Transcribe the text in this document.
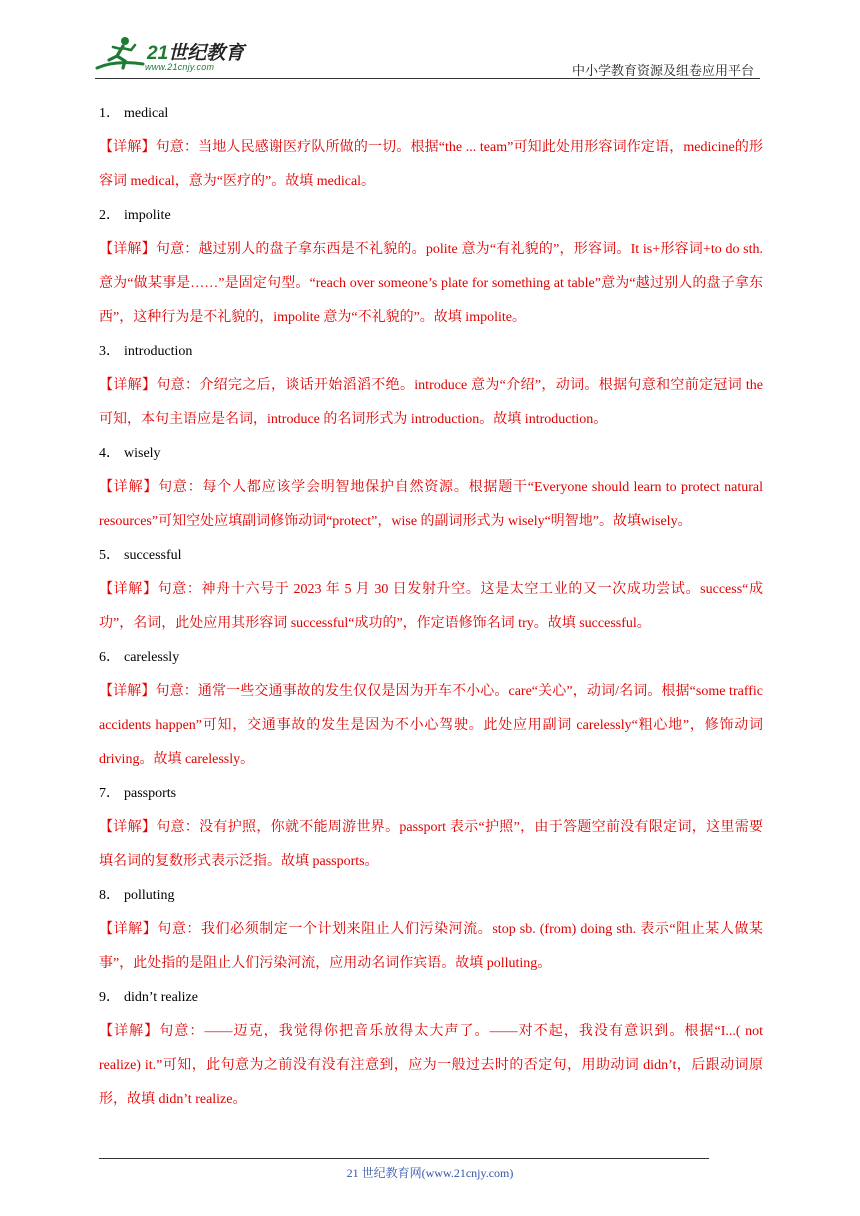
21世纪教育
www.21cnjy.com	中小学教育资源及组卷应用平台
1． medical
【详解】句意：当地人民感谢医疗队所做的一切。根据“the ... team”可知此处用形容词作定语，medicine的形容词 medical，意为“医疗的”。故填 medical。
2． impolite
【详解】句意：越过别人的盘子拿东西是不礼貌的。polite 意为“有礼貌的”，形容词。It is+形容词+to do sth.意为“做某事是……”是固定句型。“reach over someone’s plate for something at table”意为“越过别人的盘子拿东西”，这种行为是不礼貌的，impolite 意为“不礼貌的”。故填 impolite。
3． introduction
【详解】句意：介绍完之后，谈话开始滔滔不绝。introduce 意为“介绍”，动词。根据句意和空前定冠词 the 可知，本句主语应是名词，introduce 的名词形式为 introduction。故填 introduction。
4． wisely
【详解】句意：每个人都应该学会明智地保护自然资源。根据题干“Everyone should learn to protect natural resources”可知空处应填副词修饰动词“protect”，wise 的副词形式为 wisely“明智地”。故填wisely。
5． successful
【详解】句意：神舟十六号于 2023 年 5 月 30 日发射升空。这是太空工业的又一次成功尝试。success“成功”，名词，此处应用其形容词 successful“成功的”，作定语修饰名词 try。故填 successful。
6． carelessly
【详解】句意：通常一些交通事故的发生仅仅是因为开车不小心。care“关心”，动词/名词。根据“some traffic accidents happen”可知，交通事故的发生是因为不小心驾驶。此处应用副词 carelessly“粗心地”，修饰动词 driving。故填 carelessly。
7． passports
【详解】句意：没有护照，你就不能周游世界。passport 表示“护照”，由于答题空前没有限定词，这里需要填名词的复数形式表示泛指。故填 passports。
8． polluting
【详解】句意：我们必须制定一个计划来阻止人们污染河流。stop sb. (from) doing sth. 表示“阻止某人做某事”，此处指的是阻止人们污染河流，应用动名词作宾语。故填 polluting。
9． didn’t realize
【详解】句意：——迈克，我觉得你把音乐放得太大声了。——对不起，我没有意识到。根据“I...( not realize) it.”可知，此句意为之前没有没有注意到，应为一般过去时的否定句，用助动词 didn’t，后跟动词原形，故填 didn’t realize。
21 世纪教育网(www.21cnjy.com)
